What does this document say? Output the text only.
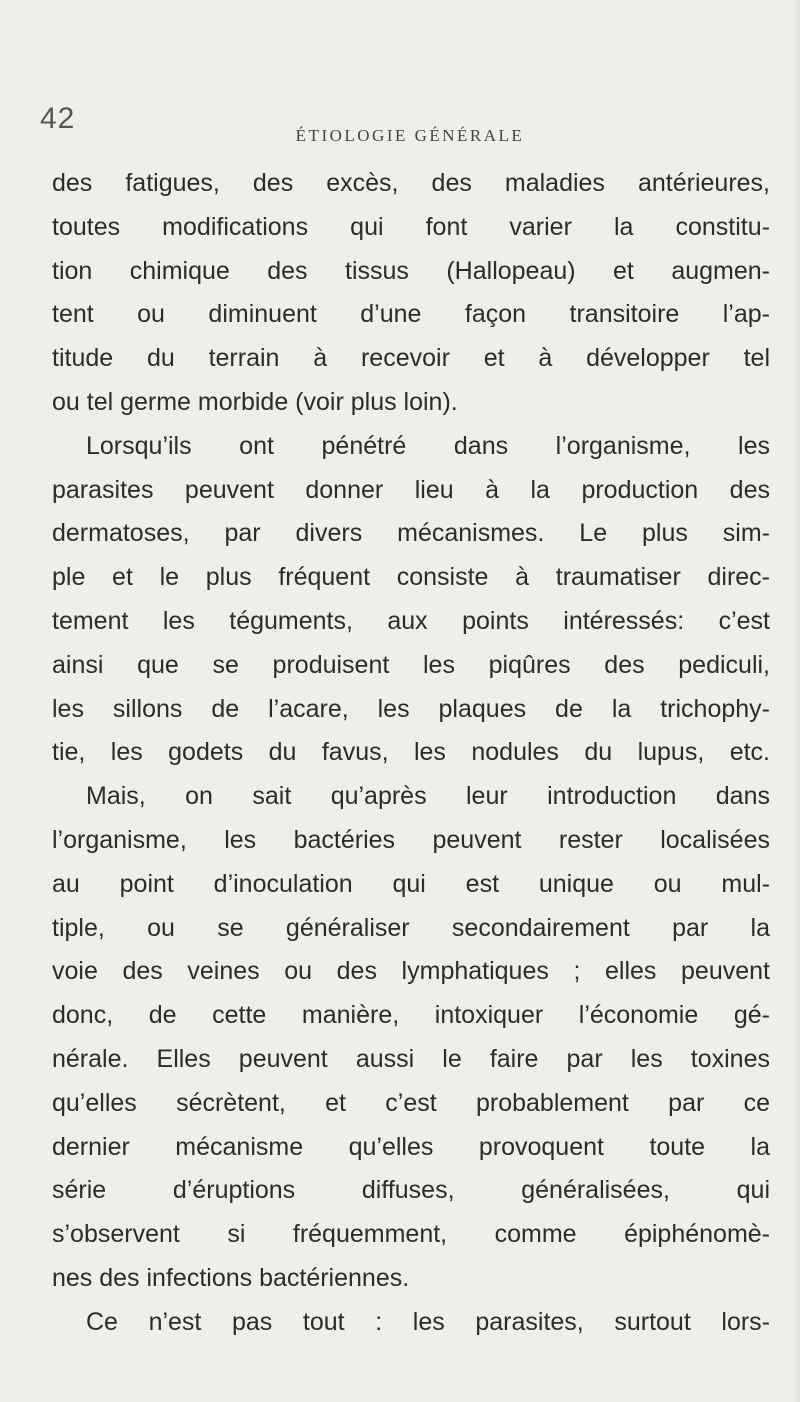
42
ÉTIOLOGIE GÉNÉRALE
des fatigues, des excès, des maladies antérieures,
toutes modifications qui font varier la constitu-
tion chimique des tissus (Hallopeau) et augmen-
tent ou diminuent d’une façon transitoire l’ap-
titude du terrain à recevoir et à développer tel
ou tel germe morbide (voir plus loin).
Lorsqu’ils ont pénétré dans l’organisme, les
parasites peuvent donner lieu à la production des
dermatoses, par divers mécanismes. Le plus sim-
ple et le plus fréquent consiste à traumatiser direc-
tement les téguments, aux points intéressés: c’est
ainsi que se produisent les piqûres des pediculi,
les sillons de l’acare, les plaques de la trichophy-
tie, les godets du favus, les nodules du lupus, etc.
Mais, on sait qu’après leur introduction dans
l’organisme, les bactéries peuvent rester localisées
au point d’inoculation qui est unique ou mul-
tiple, ou se généraliser secondairement par la
voie des veines ou des lymphatiques ; elles peuvent
donc, de cette manière, intoxiquer l’économie gé-
nérale. Elles peuvent aussi le faire par les toxines
qu’elles sécrètent, et c’est probablement par ce
dernier mécanisme qu’elles provoquent toute la
série d’éruptions diffuses, généralisées, qui
s’observent si fréquemment, comme épiphénomè-
nes des infections bactériennes.
Ce n’est pas tout : les parasites, surtout lors-
